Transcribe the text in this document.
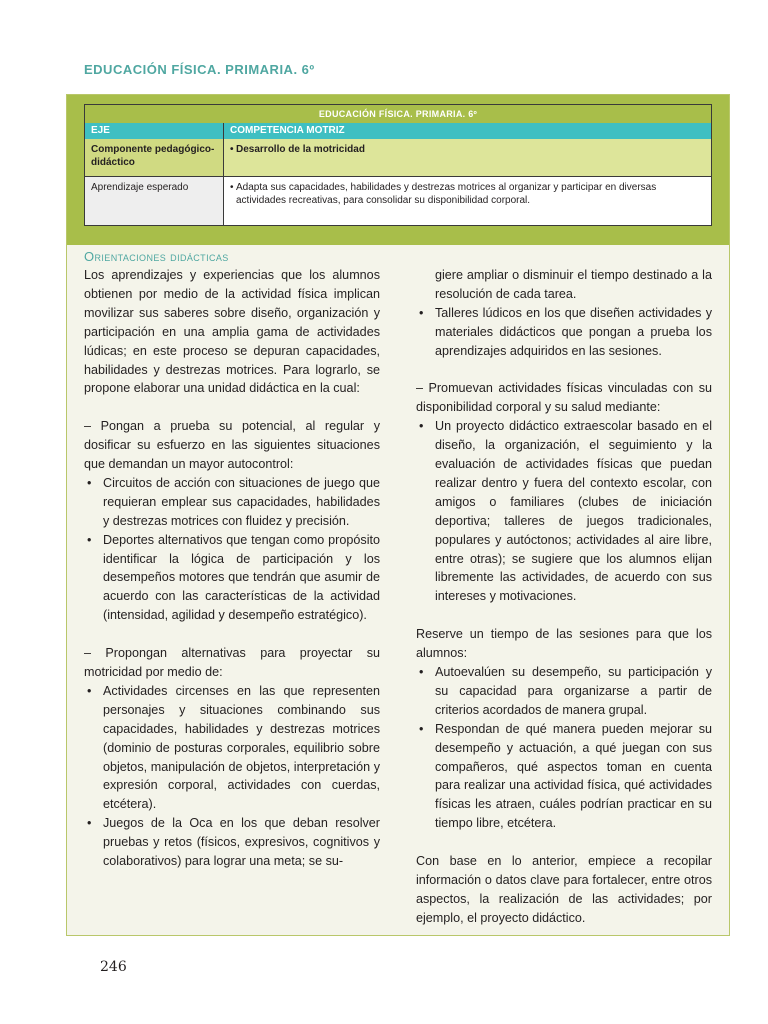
EDUCACIÓN FÍSICA. PRIMARIA. 6º
EDUCACIÓN FÍSICA. PRIMARIA. 6º	
EJE	COMPETENCIA MOTRIZ
Componente pedagógico-didáctico	• Desarrollo de la motricidad

Aprendizaje esperado	• Adapta sus capacidades, habilidades y destrezas motrices al organizar y participar en diversas actividades recreativas, para consolidar su disponibilidad corporal.
Orientaciones didácticas

Los aprendizajes y experiencias que los alumnos obtienen por medio de la actividad física implican movilizar sus saberes sobre diseño, organización y participación en una amplia gama de actividades lúdicas; en este proceso se depuran capacidades, habilidades y destrezas motrices. Para lograrlo, se propone elaborar una unidad didáctica en la cual:

– Pongan a prueba su potencial, al regular y dosificar su esfuerzo en las siguientes situaciones que demandan un mayor autocontrol:

• Circuitos de acción con situaciones de juego que requieran emplear sus capacidades, habilidades y destrezas motrices con fluidez y precisión.
• Deportes alternativos que tengan como propósito identificar la lógica de participación y los desempeños motores que tendrán que asumir de acuerdo con las características de la actividad (intensidad, agilidad y desempeño estratégico).

– Propongan alternativas para proyectar su motricidad por medio de:

• Actividades circenses en las que representen personajes y situaciones combinando sus capacidades, habilidades y destrezas motrices (dominio de posturas corporales, equilibrio sobre objetos, manipulación de objetos, interpretación y expresión corporal, actividades con cuerdas, etcétera).
• Juegos de la Oca en los que deban resolver pruebas y retos (físicos, expresivos, cognitivos y colaborativos) para lograr una meta; se su-

giere ampliar o disminuir el tiempo destinado a la resolución de cada tarea.

• Talleres lúdicos en los que diseñen actividades y materiales didácticos que pongan a prueba los aprendizajes adquiridos en las sesiones.

– Promuevan actividades físicas vinculadas con su disponibilidad corporal y su salud mediante:

• Un proyecto didáctico extraescolar basado en el diseño, la organización, el seguimiento y la evaluación de actividades físicas que puedan realizar dentro y fuera del contexto escolar, con amigos o familiares (clubes de iniciación deportiva; talleres de juegos tradicionales, populares y autóctonos; actividades al aire libre, entre otras); se sugiere que los alumnos elijan libremente las actividades, de acuerdo con sus intereses y motivaciones.

Reserve un tiempo de las sesiones para que los alumnos:

• Autoevalúen su desempeño, su participación y su capacidad para organizarse a partir de criterios acordados de manera grupal.
• Respondan de qué manera pueden mejorar su desempeño y actuación, a qué juegan con sus compañeros, qué aspectos toman en cuenta para realizar una actividad física, qué actividades físicas les atraen, cuáles podrían practicar en su tiempo libre, etcétera.

Con base en lo anterior, empiece a recopilar información o datos clave para fortalecer, entre otros aspectos, la realización de las actividades; por ejemplo, el proyecto didáctico.

246
